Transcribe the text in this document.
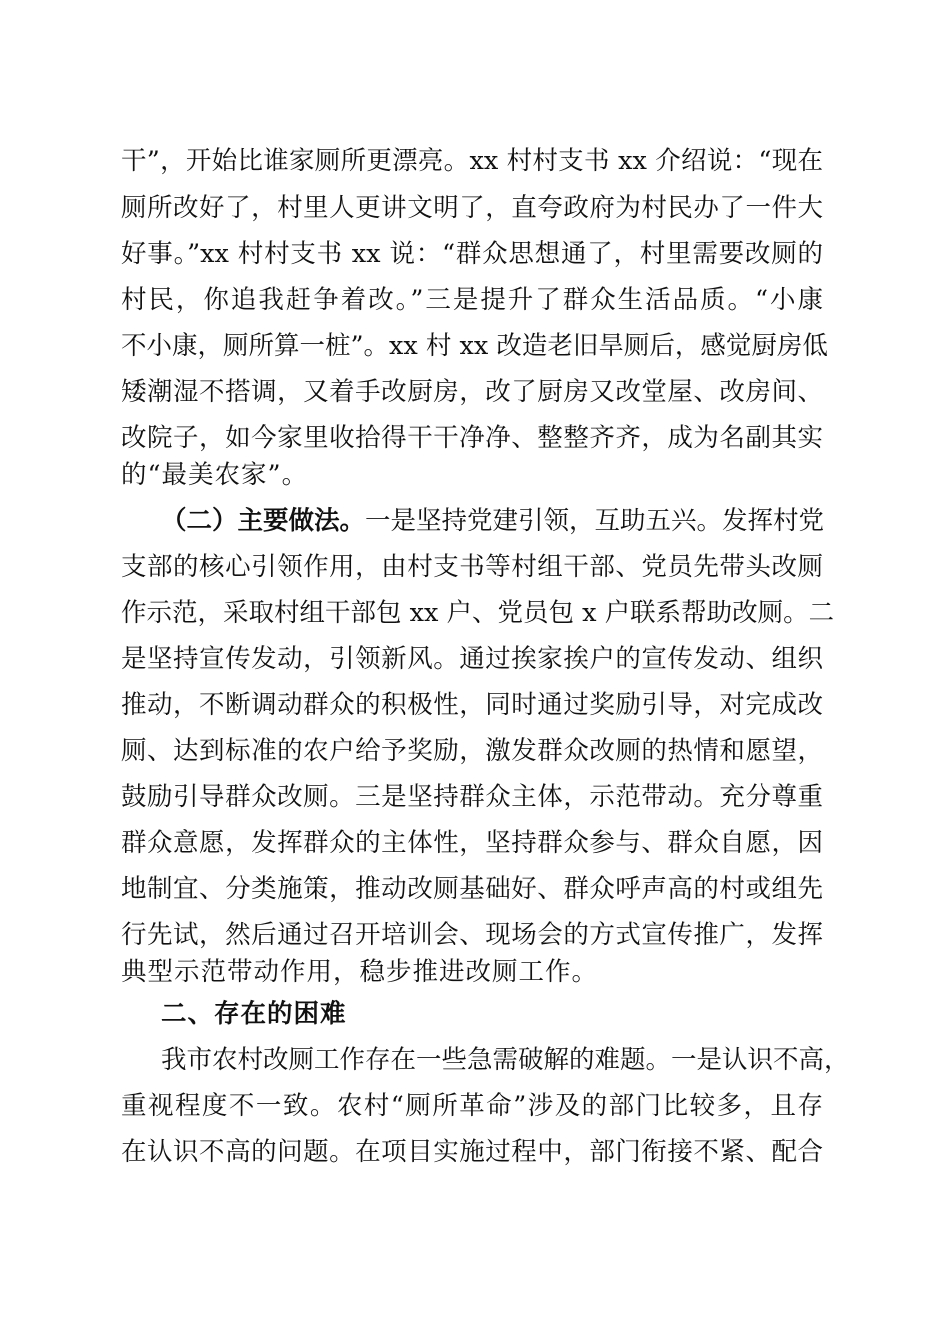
干”，开始比谁家厕所更漂亮。xx 村村支书 xx 介绍说：“现在
厕所改好了，村里人更讲文明了，直夸政府为村民办了一件大
好事。”xx 村村支书 xx 说：“群众思想通了，村里需要改厕的
村民，你追我赶争着改。”三是提升了群众生活品质。“小康
不小康，厕所算一桩”。xx 村 xx 改造老旧旱厕后，感觉厨房低
矮潮湿不搭调，又着手改厨房，改了厨房又改堂屋、改房间、
改院子，如今家里收拾得干干净净、整整齐齐，成为名副其实
的“最美农家”。
（二）主要做法。一是坚持党建引领，互助五兴。发挥村党
支部的核心引领作用，由村支书等村组干部、党员先带头改厕
作示范，采取村组干部包 xx 户、党员包 x 户联系帮助改厕。二
是坚持宣传发动，引领新风。通过挨家挨户的宣传发动、组织
推动，不断调动群众的积极性，同时通过奖励引导，对完成改
厕、达到标准的农户给予奖励，激发群众改厕的热情和愿望，
鼓励引导群众改厕。三是坚持群众主体，示范带动。充分尊重
群众意愿，发挥群众的主体性，坚持群众参与、群众自愿，因
地制宜、分类施策，推动改厕基础好、群众呼声高的村或组先
行先试，然后通过召开培训会、现场会的方式宣传推广，发挥
典型示范带动作用，稳步推进改厕工作。
二、存在的困难
我市农村改厕工作存在一些急需破解的难题。一是认识不高，
重视程度不一致。农村“厕所革命”涉及的部门比较多，且存
在认识不高的问题。在项目实施过程中，部门衔接不紧、配合
